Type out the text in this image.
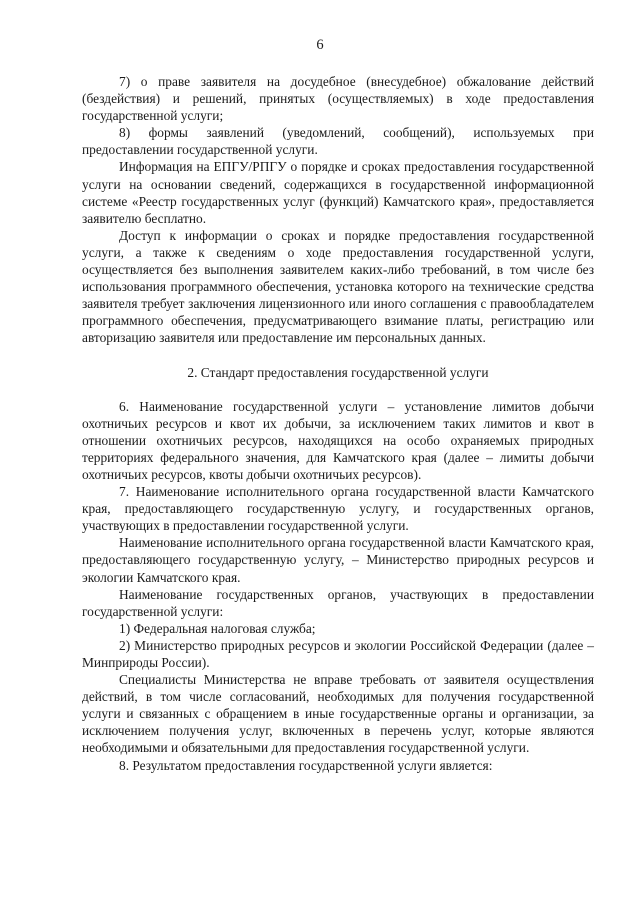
6

7) о праве заявителя на досудебное (внесудебное) обжалование действий (бездействия) и решений, принятых (осуществляемых) в ходе предоставления государственной услуги;

8) формы заявлений (уведомлений, сообщений), используемых при предоставлении государственной услуги.

Информация на ЕПГУ/РПГУ о порядке и сроках предоставления государственной услуги на основании сведений, содержащихся в государственной информационной системе «Реестр государственных услуг (функций) Камчатского края», предоставляется заявителю бесплатно.

Доступ к информации о сроках и порядке предоставления государственной услуги, а также к сведениям о ходе предоставления государственной услуги, осуществляется без выполнения заявителем каких-либо требований, в том числе без использования программного обеспечения, установка которого на технические средства заявителя требует заключения лицензионного или иного соглашения с правообладателем программного обеспечения, предусматривающего взимание платы, регистрацию или авторизацию заявителя или предоставление им персональных данных.

2. Стандарт предоставления государственной услуги

6. Наименование государственной услуги – установление лимитов добычи охотничьих ресурсов и квот их добычи, за исключением таких лимитов и квот в отношении охотничьих ресурсов, находящихся на особо охраняемых природных территориях федерального значения, для Камчатского края (далее – лимиты добычи охотничьих ресурсов, квоты добычи охотничьих ресурсов).

7. Наименование исполнительного органа государственной власти Камчатского края, предоставляющего государственную услугу, и государственных органов, участвующих в предоставлении государственной услуги.

Наименование исполнительного органа государственной власти Камчатского края, предоставляющего государственную услугу, – Министерство природных ресурсов и экологии Камчатского края.

Наименование государственных органов, участвующих в предоставлении государственной услуги:

1) Федеральная налоговая служба;

2) Министерство природных ресурсов и экологии Российской Федерации (далее – Минприроды России).

Специалисты Министерства не вправе требовать от заявителя осуществления действий, в том числе согласований, необходимых для получения государственной услуги и связанных с обращением в иные государственные органы и организации, за исключением получения услуг, включенных в перечень услуг, которые являются необходимыми и обязательными для предоставления государственной услуги.

8. Результатом предоставления государственной услуги является:
